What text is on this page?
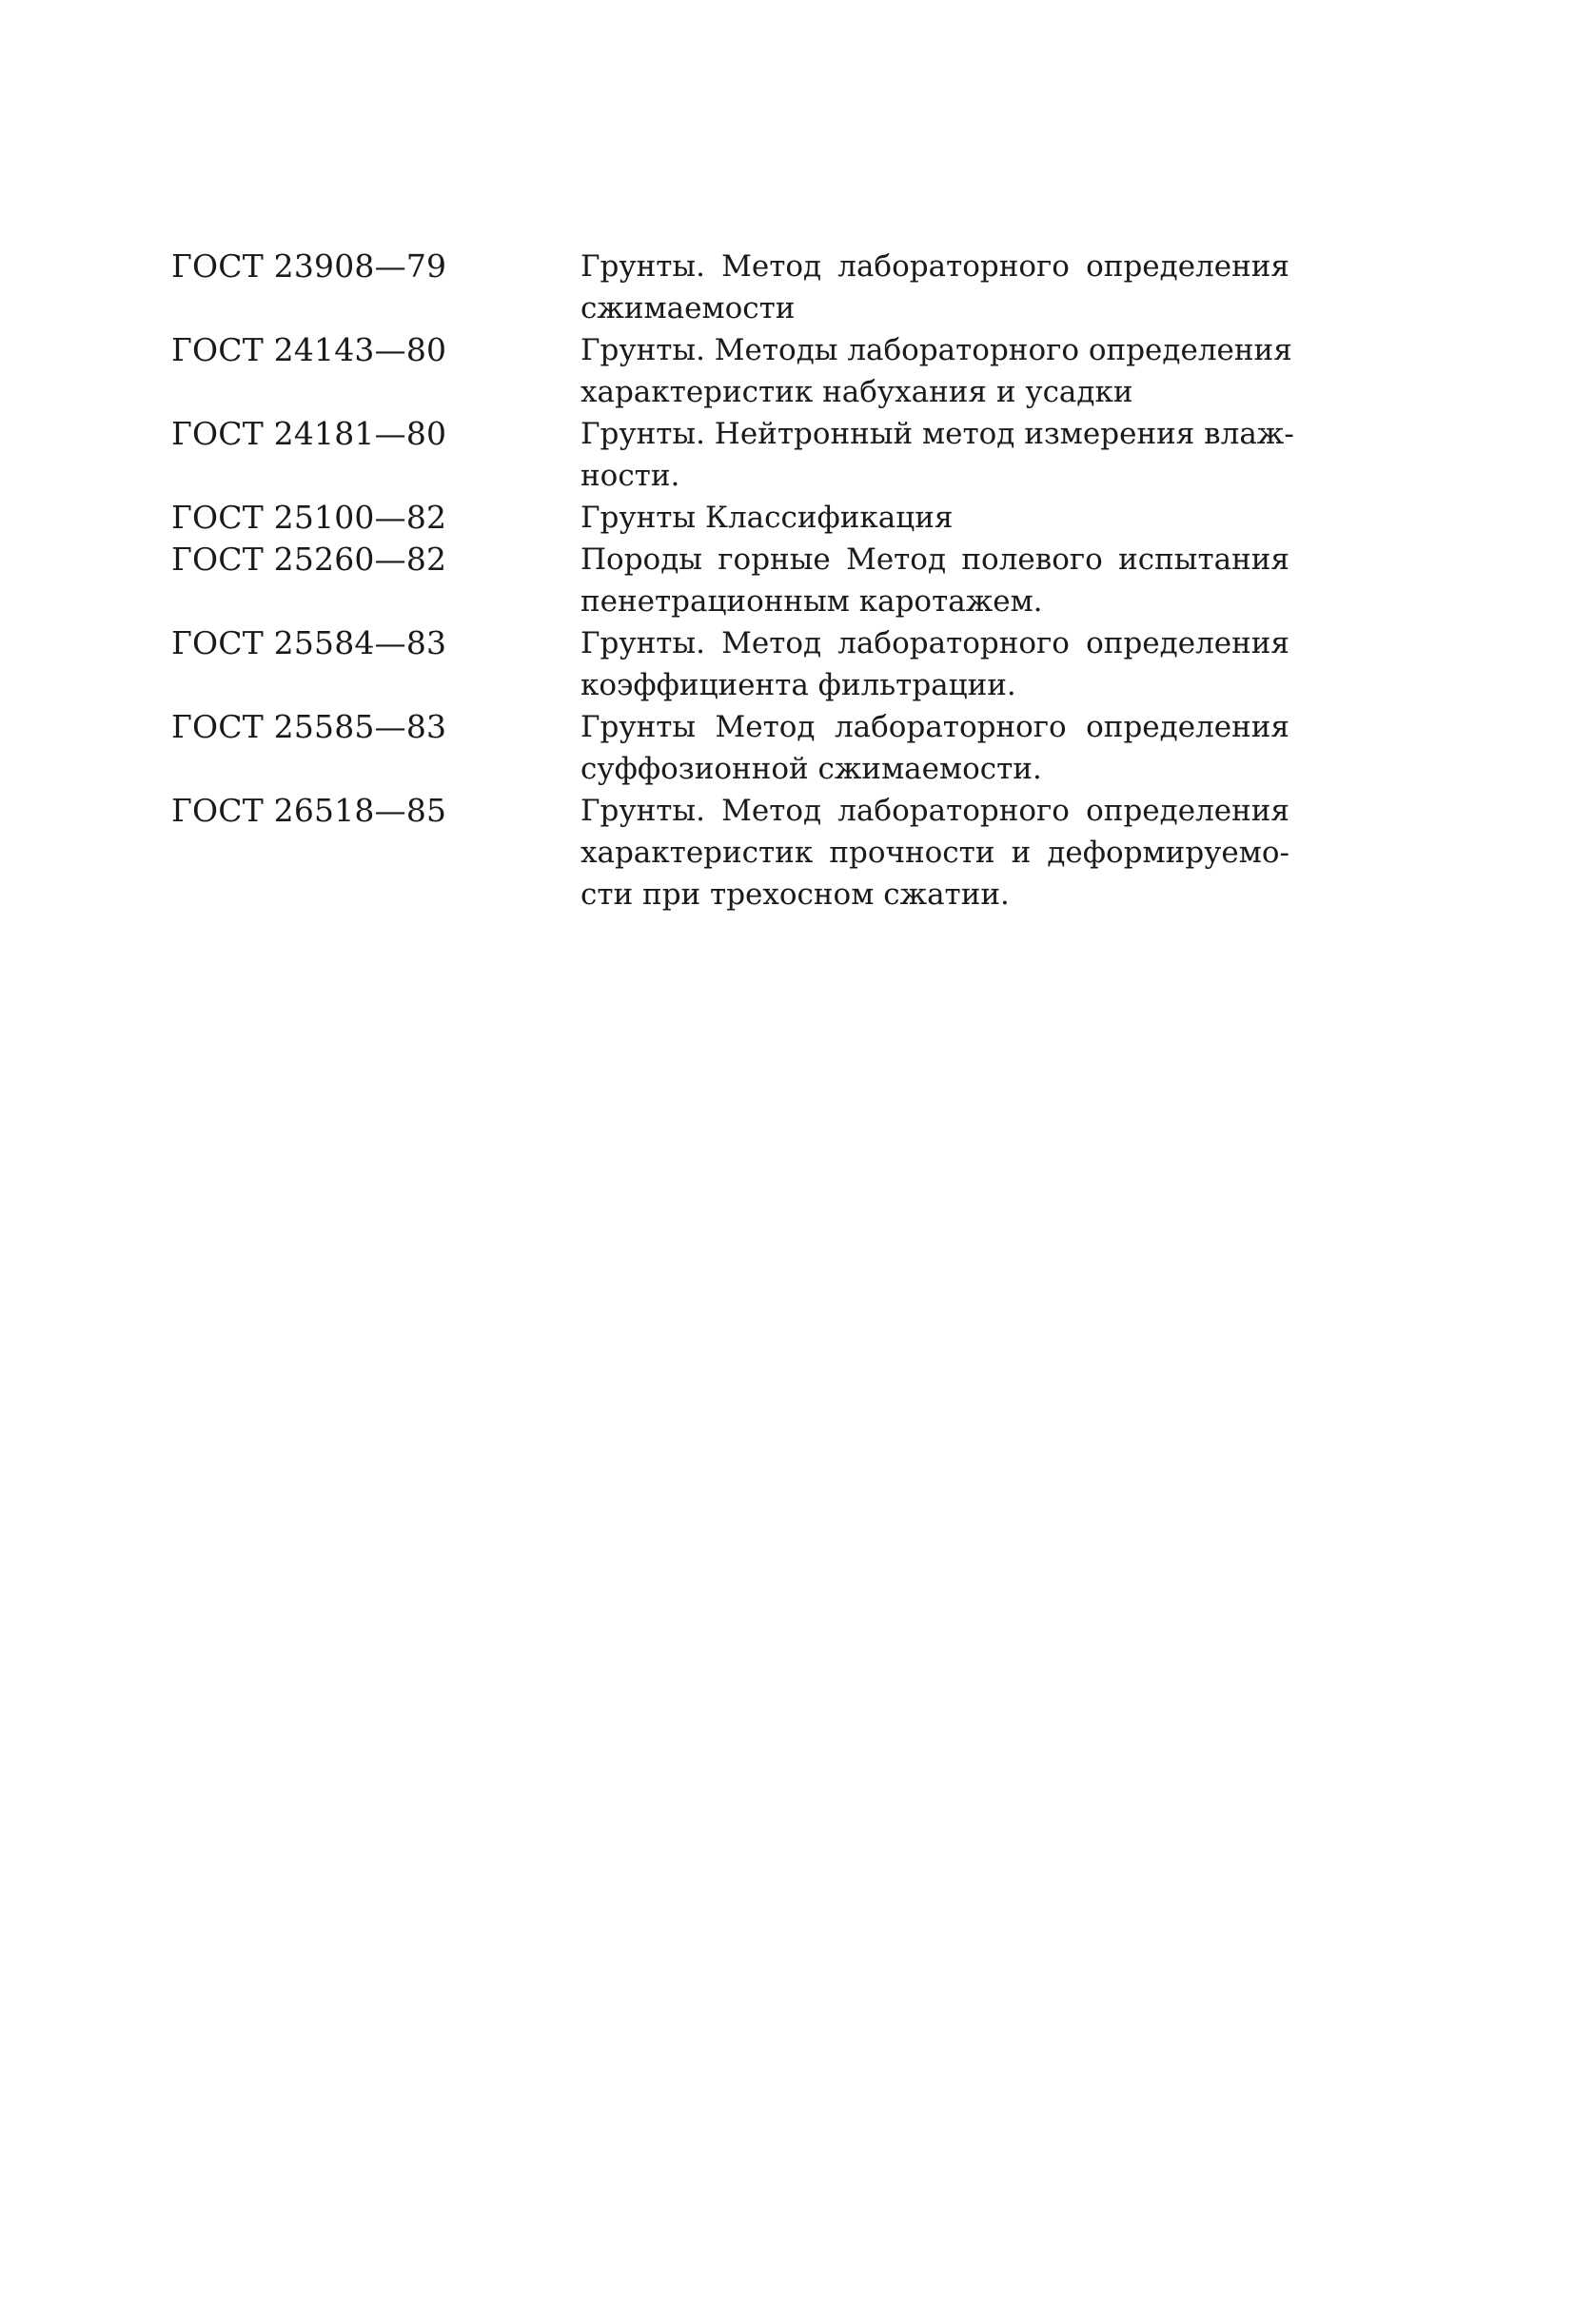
ГОСТ 23908—79	Грунты. Метод лабораторного определения
сжимаемости
ГОСТ 24143—80	Грунты. Методы лабораторного определения
характеристик набухания и усадки
ГОСТ 24181—80	Грунты. Нейтронный метод измерения влаж-
ности.
ГОСТ 25100—82	Грунты Классификация
ГОСТ 25260—82	Породы горные Метод полевого испытания
пенетрационным каротажем.
ГОСТ 25584—83	Грунты. Метод лабораторного определения
коэффициента фильтрации.
ГОСТ 25585—83	Грунты Метод лабораторного определения
суффозионной сжимаемости.
ГОСТ 26518—85	Грунты. Метод лабораторного определения
характеристик прочности и деформируемо-
сти при трехосном сжатии.
